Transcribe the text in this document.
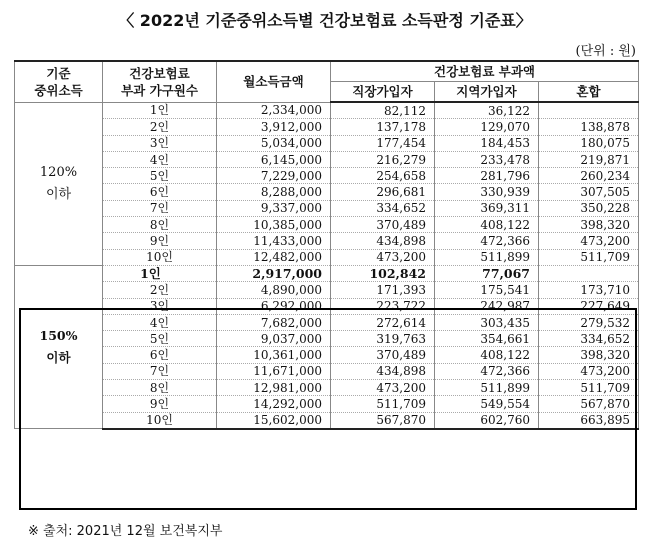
〈 2022년 기준중위소득별 건강보험료 소득판정 기준표〉
(단위 : 원)
기준
중위소득	건강보험료
부과 가구원수	월소득금액	건강보험료 부과액		
			직장가입자	지역가입자	혼합
120%
이하	1인	2,334,000	82,112	36,122	
	2인	3,912,000	137,178	129,070	138,878
	3인	5,034,000	177,454	184,453	180,075
	4인	6,145,000	216,279	233,478	219,871
	5인	7,229,000	254,658	281,796	260,234
	6인	8,288,000	296,681	330,939	307,505
	7인	9,337,000	334,652	369,311	350,228
	8인	10,385,000	370,489	408,122	398,320
	9인	11,433,000	434,898	472,366	473,200
	10인	12,482,000	473,200	511,899	511,709
150%
이하	1인	2,917,000	102,842	77,067	
	2인	4,890,000	171,393	175,541	173,710
	3인	6,292,000	223,722	242,987	227,649
	4인	7,682,000	272,614	303,435	279,532
	5인	9,037,000	319,763	354,661	334,652
	6인	10,361,000	370,489	408,122	398,320
	7인	11,671,000	434,898	472,366	473,200
	8인	12,981,000	473,200	511,899	511,709
	9인	14,292,000	511,709	549,554	567,870
	10인	15,602,000	567,870	602,760	663,895
※ 출처: 2021년 12월 보건복지부
